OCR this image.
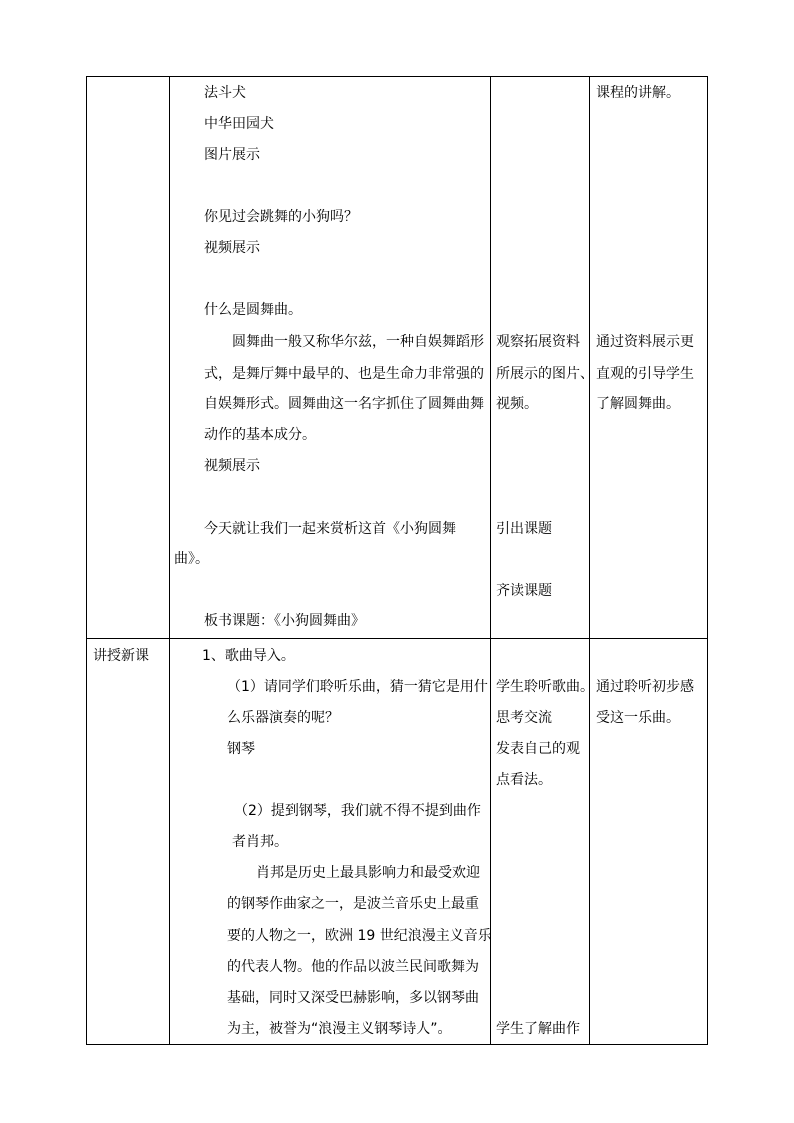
法斗犬
中华田园犬
图片展示
你见过会跳舞的小狗吗？
视频展示
什么是圆舞曲。
圆舞曲一般又称华尔兹，一种自娱舞蹈形
式，是舞厅舞中最早的、也是生命力非常强的
自娱舞形式。圆舞曲这一名字抓住了圆舞曲舞
动作的基本成分。
视频展示
今天就让我们一起来赏析这首《小狗圆舞
曲》。
板书课题：《小狗圆舞曲》
观察拓展资料
所展示的图片、
视频。
引出课题
齐读课题
课程的讲解。
通过资料展示更
直观的引导学生
了解圆舞曲。
讲授新课	1、歌曲导入。
（1）请同学们聆听乐曲，猜一猜它是用什
么乐器演奏的呢？
钢琴
（2）提到钢琴，我们就不得不提到曲作
者肖邦。
肖邦是历史上最具影响力和最受欢迎
的钢琴作曲家之一，是波兰音乐史上最重
要的人物之一，欧洲 19 世纪浪漫主义音乐
的代表人物。他的作品以波兰民间歌舞为
基础，同时又深受巴赫影响，多以钢琴曲
为主，被誉为“浪漫主义钢琴诗人”。
学生聆听歌曲。
思考交流
发表自己的观
点看法。
学生了解曲作
通过聆听初步感
受这一乐曲。
